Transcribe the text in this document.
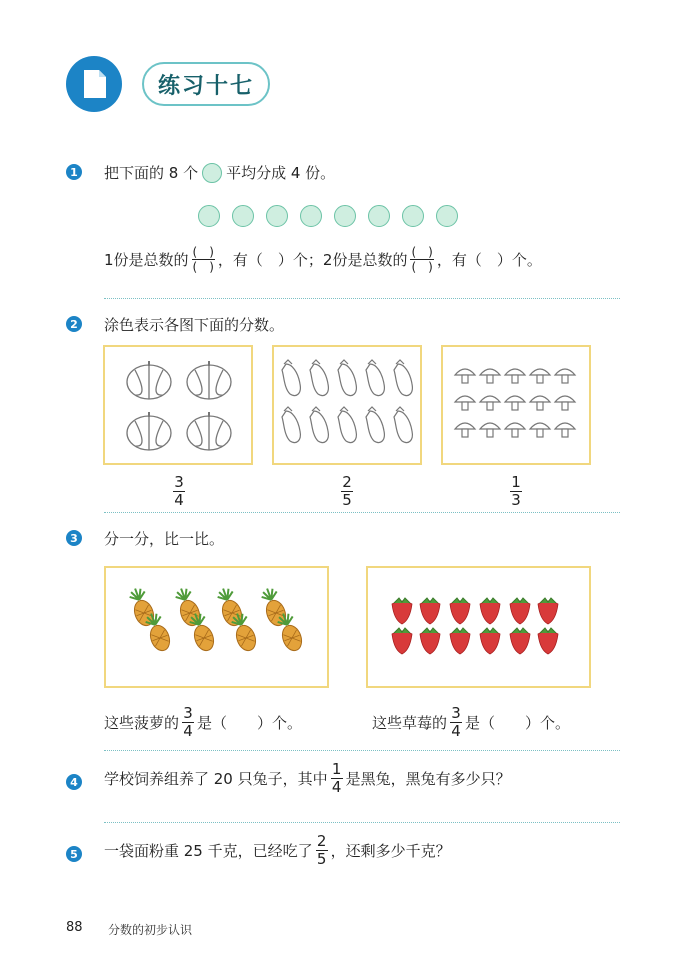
练习十七
1 把下面的 8 个 平均分成 4 份。
1份是总数的 $\frac{( )}{( )}$ ，有（　）个；2份是总数的 $\frac{( )}{( )}$ ，有（　）个。
2 涂色表示各图下面的分数。
$\frac{3}{4}$	$\frac{2}{5}$	$\frac{1}{3}$
3 分一分，比一比。
这些菠萝的 $\frac{3}{4}$ 是（　　）个。	这些草莓的 $\frac{3}{4}$ 是（　　）个。
4 学校饲养组养了 20 只兔子，其中 $\frac{1}{4}$ 是黑兔，黑兔有多少只？
5 一袋面粉重 25 千克，已经吃了 $\frac{2}{5}$ ，还剩多少千克？
88 分数的初步认识
